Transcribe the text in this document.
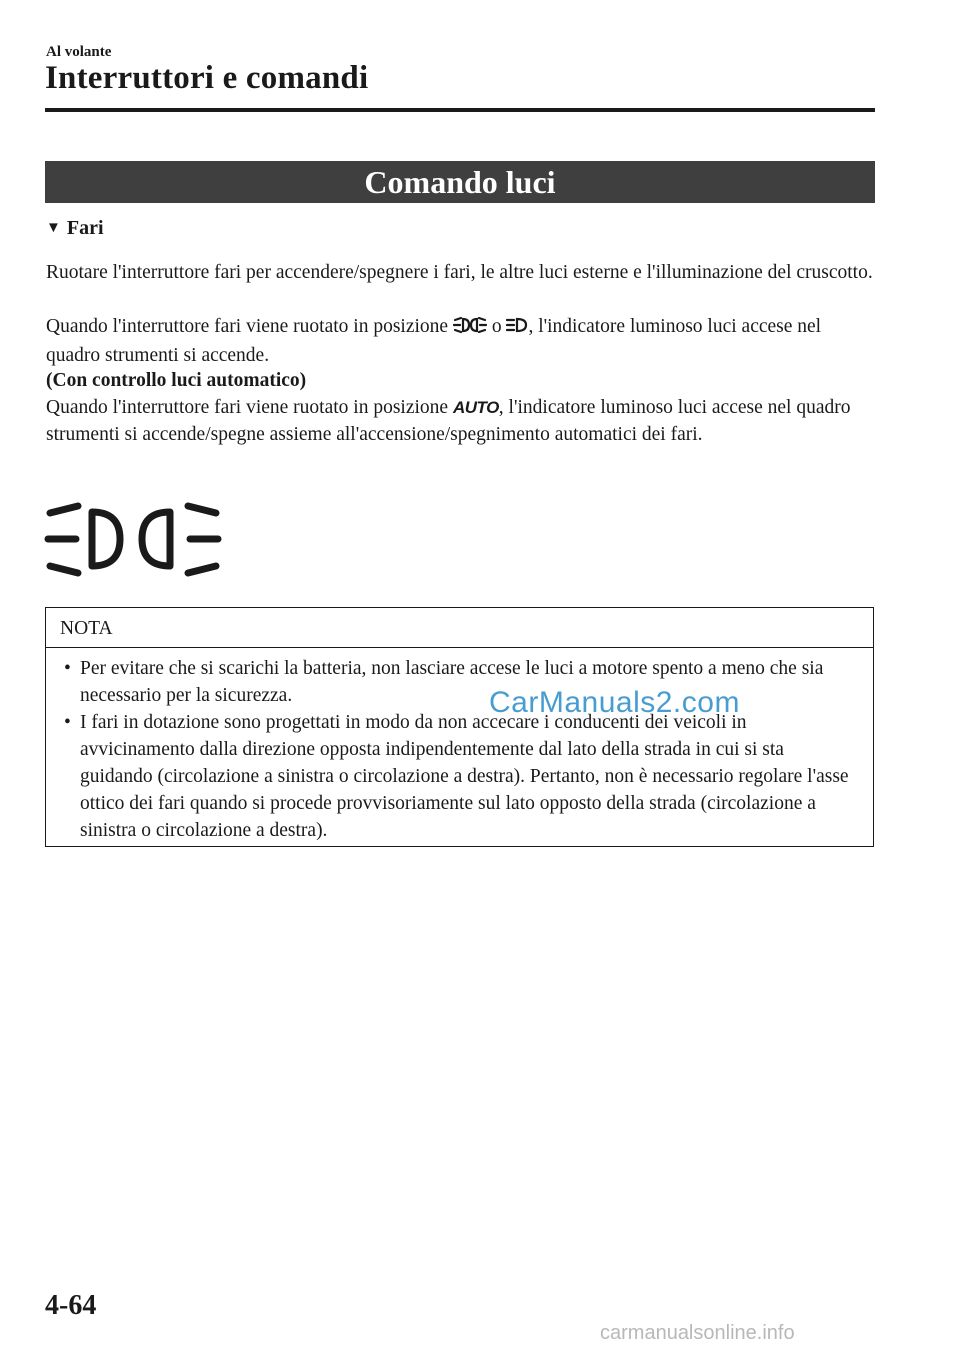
Al volante
Interruttori e comandi
Comando luci
▼ Fari
Ruotare l'interruttore fari per accendere/spegnere i fari, le altre luci esterne e l'illuminazione del cruscotto.
Quando l'interruttore fari viene ruotato in posizione  o , l'indicatore luminoso luci accese nel quadro strumenti si accende.
(Con controllo luci automatico)
Quando l'interruttore fari viene ruotato in posizione AUTO, l'indicatore luminoso luci accese nel quadro strumenti si accende/spegne assieme all'accensione/spegnimento automatici dei fari.
NOTA
• Per evitare che si scarichi la batteria, non lasciare accese le luci a motore spento a meno che sia necessario per la sicurezza.
• I fari in dotazione sono progettati in modo da non accecare i conducenti dei veicoli in avvicinamento dalla direzione opposta indipendentemente dal lato della strada in cui si sta guidando (circolazione a sinistra o circolazione a destra). Pertanto, non è necessario regolare l'asse ottico dei fari quando si procede provvisoriamente sul lato opposto della strada (circolazione a sinistra o circolazione a destra).
CarManuals2.com
4-64
carmanualsonline.info
